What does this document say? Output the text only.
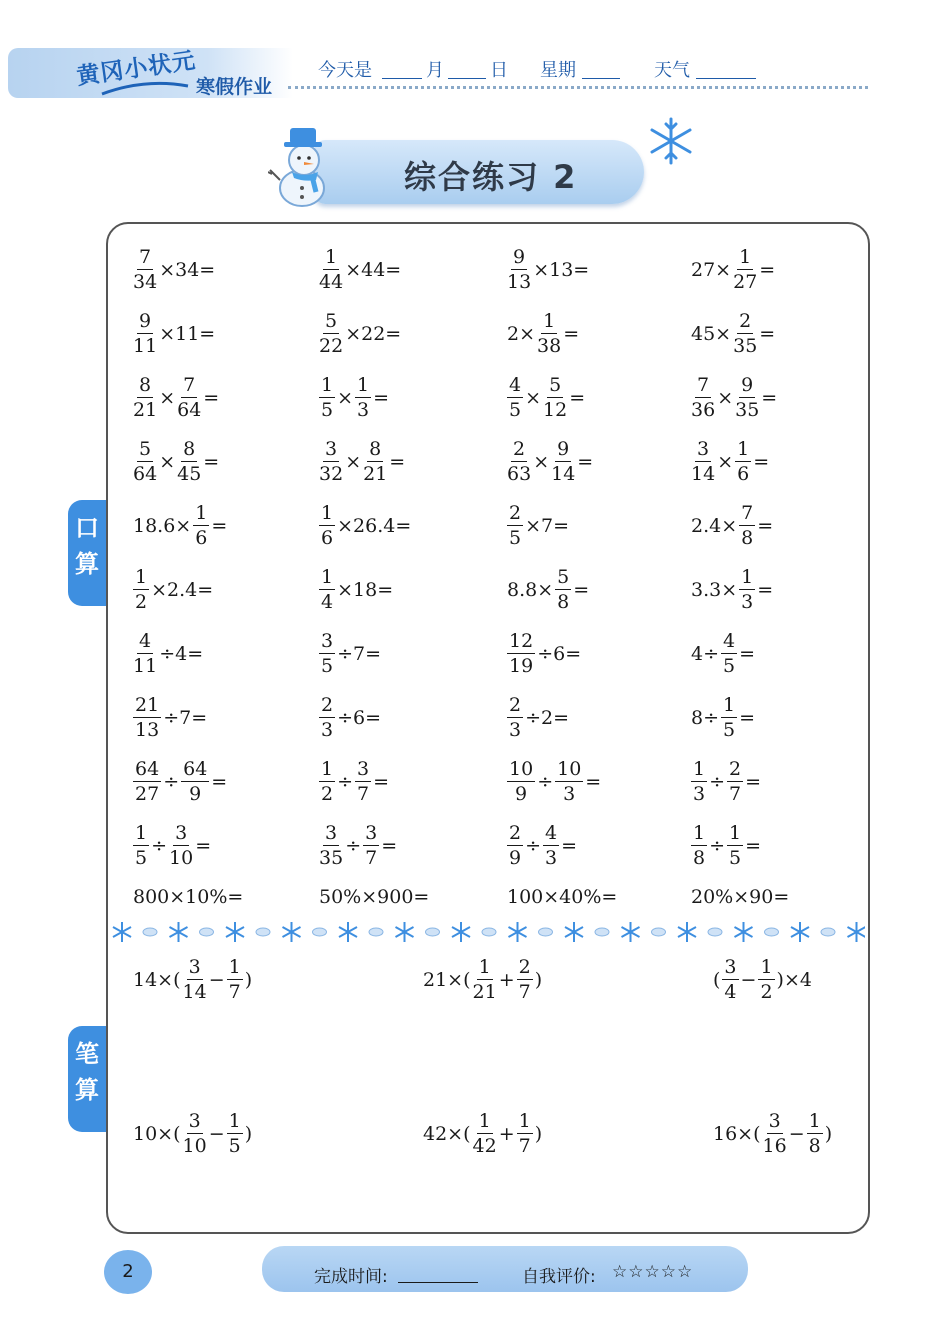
黄冈小状元
寒假作业
今天是	月	日 星期	天气
综合练习 2
口
算
笔
算
$\frac{7}{34} \times 34=$	$\frac{1}{44} \times 44=$	$\frac{9}{13} \times 13=$	$27\times \frac{1}{27}$ =
$\frac{9}{11} \times 11=$	$\frac{5}{22} \times 22=$	$2\times \frac{1}{38}$ =	$45\times \frac{2}{35}$ =
$\frac{8}{21} \times \frac{7}{64}$ =	$\frac{1}{5} \times \frac{1}{3}$ =	$\frac{4}{5} \times \frac{5}{12}$ =	$\frac{7}{36} \times \frac{9}{35}$ =
$\frac{5}{64} \times \frac{8}{45}$ =	$\frac{3}{32} \times \frac{8}{21}$ =	$\frac{2}{63} \times \frac{9}{14}$ =	$\frac{3}{14} \times \frac{1}{6}$ =
$18.6\times \frac{1}{6}$ =	$\frac{1}{6} \times 26.4=$	$\frac{2}{5} \times 7=$	$2.4\times \frac{7}{8}$ =
$\frac{1}{2} \times 2.4=$	$\frac{1}{4} \times 18=$	$8.8\times \frac{5}{8}$ =	$3.3\times \frac{1}{3}$ =
$\frac{4}{11} \div 4=$	$\frac{3}{5} \div 7=$	$\frac{12}{19} \div 6=$	$4\div \frac{4}{5}$ =
$\frac{21}{13} \div 7=$	$\frac{2}{3} \div 6=$	$\frac{2}{3} \div 2=$	$8\div \frac{1}{5}$ =
$\frac{64}{27} \div \frac{64}{9}$ =	$\frac{1}{2} \div \frac{3}{7}$ =	$\frac{10}{9} \div \frac{10}{3}$ =	$\frac{1}{3} \div \frac{2}{7}$ =
$\frac{1}{5} \div \frac{3}{10}$ =	$\frac{3}{35} \div \frac{3}{7}$ =	$\frac{2}{9} \div \frac{4}{3}$ =	$\frac{1}{8} \div \frac{1}{5}$ =
800×10%=	50%×900=	100×40%=	20%×90=
$14\times( \frac{3}{14} - \frac{1}{7}$ )	$21\times( \frac{1}{21} + \frac{2}{7}$ )	( $\frac{3}{4} - \frac{1}{2} )\times 4$
$10\times( \frac{3}{10} - \frac{1}{5}$ )	$42\times( \frac{1}{42} + \frac{1}{7}$ )	$16\times( \frac{3}{16} - \frac{1}{8}$ )
2	完成时间:	自我评价: ☆☆☆☆☆
